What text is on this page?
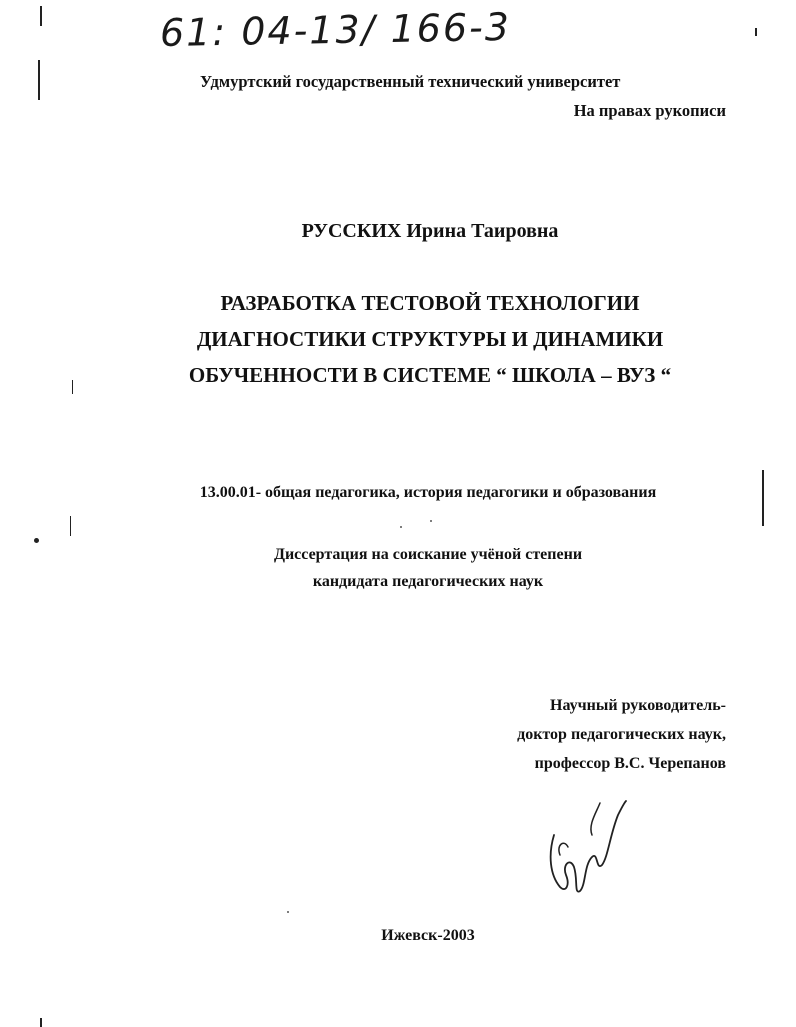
61: 04-13/ 166-3
Удмуртский государственный технический университет
На правах рукописи
РУССКИХ Ирина Таировна
РАЗРАБОТКА ТЕСТОВОЙ ТЕХНОЛОГИИ
ДИАГНОСТИКИ СТРУКТУРЫ И ДИНАМИКИ
ОБУЧЕННОСТИ В СИСТЕМЕ “ ШКОЛА – ВУЗ “
13.00.01- общая педагогика, история педагогики и образования
Диссертация на соискание учёной степени
кандидата педагогических наук
Научный руководитель-
доктор педагогических наук,
профессор В.С. Черепанов
Ижевск-2003
